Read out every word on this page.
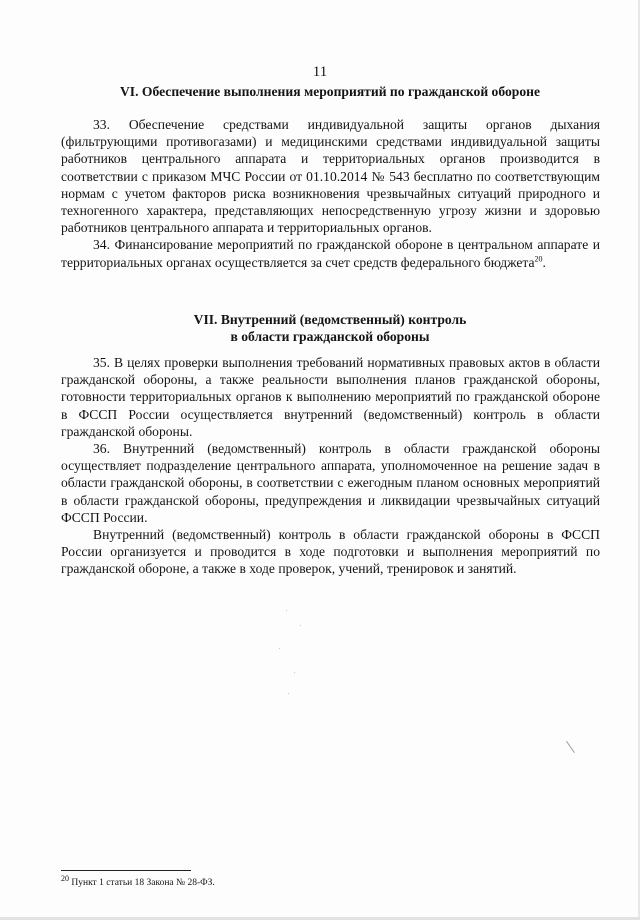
11
VI. Обеспечение выполнения мероприятий по гражданской обороне

33. Обеспечение средствами индивидуальной защиты органов дыхания (фильтрующими противогазами) и медицинскими средствами индивидуальной защиты работников центрального аппарата и территориальных органов производится в соответствии с приказом МЧС России от 01.10.2014 № 543 бесплатно по соответствующим нормам с учетом факторов риска возникновения чрезвычайных ситуаций природного и техногенного характера, представляющих непосредственную угрозу жизни и здоровью работников центрального аппарата и территориальных органов.

34. Финансирование мероприятий по гражданской обороне в центральном аппарате и территориальных органах осуществляется за счет средств федерального бюджета$^{20}$.

VII. Внутренний (ведомственный) контроль
в области гражданской обороны

35. В целях проверки выполнения требований нормативных правовых актов в области гражданской обороны, а также реальности выполнения планов гражданской обороны, готовности территориальных органов к выполнению мероприятий по гражданской обороне в ФССП России осуществляется внутренний (ведомственный) контроль в области гражданской обороны.

36. Внутренний (ведомственный) контроль в области гражданской обороны осуществляет подразделение центрального аппарата, уполномоченное на решение задач в области гражданской обороны, в соответствии с ежегодным планом основных мероприятий в области гражданской обороны, предупреждения и ликвидации чрезвычайных ситуаций ФССП России.

Внутренний (ведомственный) контроль в области гражданской обороны в ФССП России организуется и проводится в ходе подготовки и выполнения мероприятий по гражданской обороне, а также в ходе проверок, учений, тренировок и занятий.

$^{20}$ Пункт 1 статьи 18 Закона № 28-ФЗ.
